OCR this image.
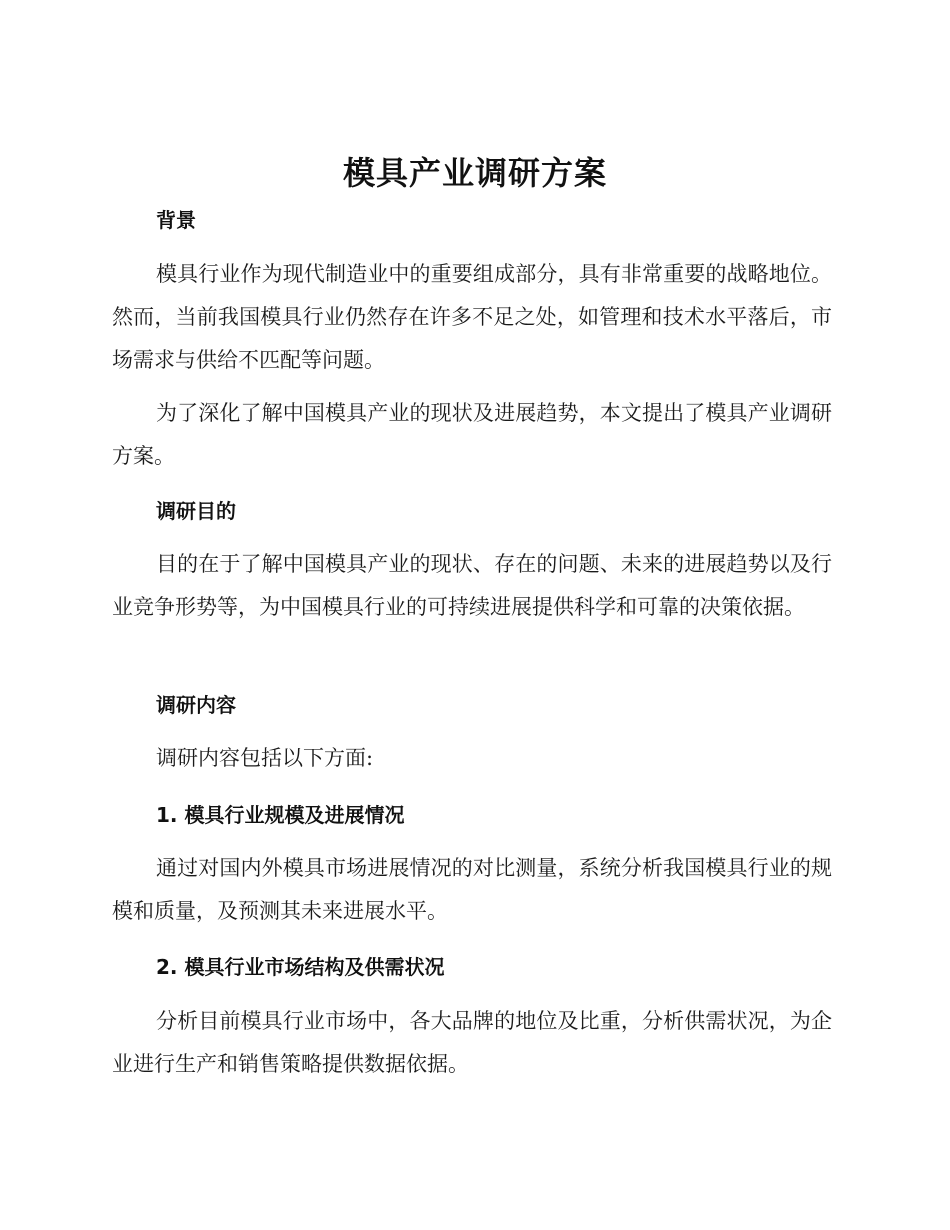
模具产业调研方案
背景

模具行业作为现代制造业中的重要组成部分，具有非常重要的战略地位。然而，当前我国模具行业仍然存在许多不足之处，如管理和技术水平落后，市场需求与供给不匹配等问题。

为了深化了解中国模具产业的现状及进展趋势，本文提出了模具产业调研方案。

调研目的

目的在于了解中国模具产业的现状、存在的问题、未来的进展趋势以及行业竞争形势等，为中国模具行业的可持续进展提供科学和可靠的决策依据。

调研内容

调研内容包括以下方面:

1. 模具行业规模及进展情况

通过对国内外模具市场进展情况的对比测量，系统分析我国模具行业的规模和质量，及预测其未来进展水平。

2. 模具行业市场结构及供需状况

分析目前模具行业市场中，各大品牌的地位及比重，分析供需状况，为企业进行生产和销售策略提供数据依据。
